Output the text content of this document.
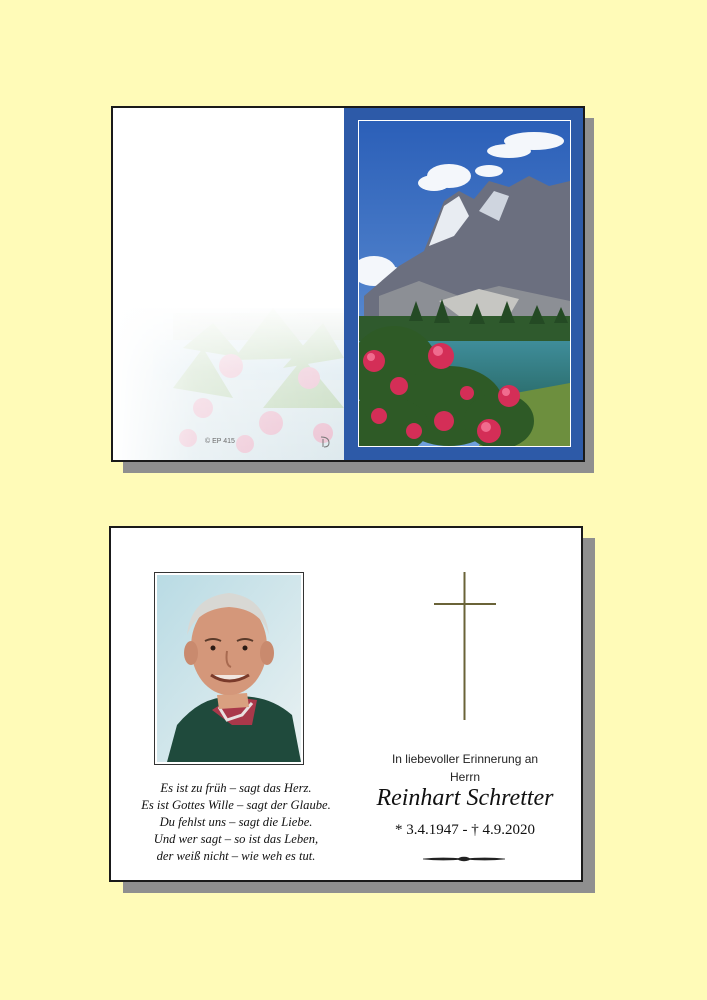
© EP 415
Es ist zu früh – sagt das Herz.
Es ist Gottes Wille – sagt der Glaube.
Du fehlst uns – sagt die Liebe.
Und wer sagt – so ist das Leben,
der weiß nicht – wie weh es tut.
In liebevoller Erinnerung an
Herrn
Reinhart Schretter
* 3.4.1947 - † 4.9.2020
